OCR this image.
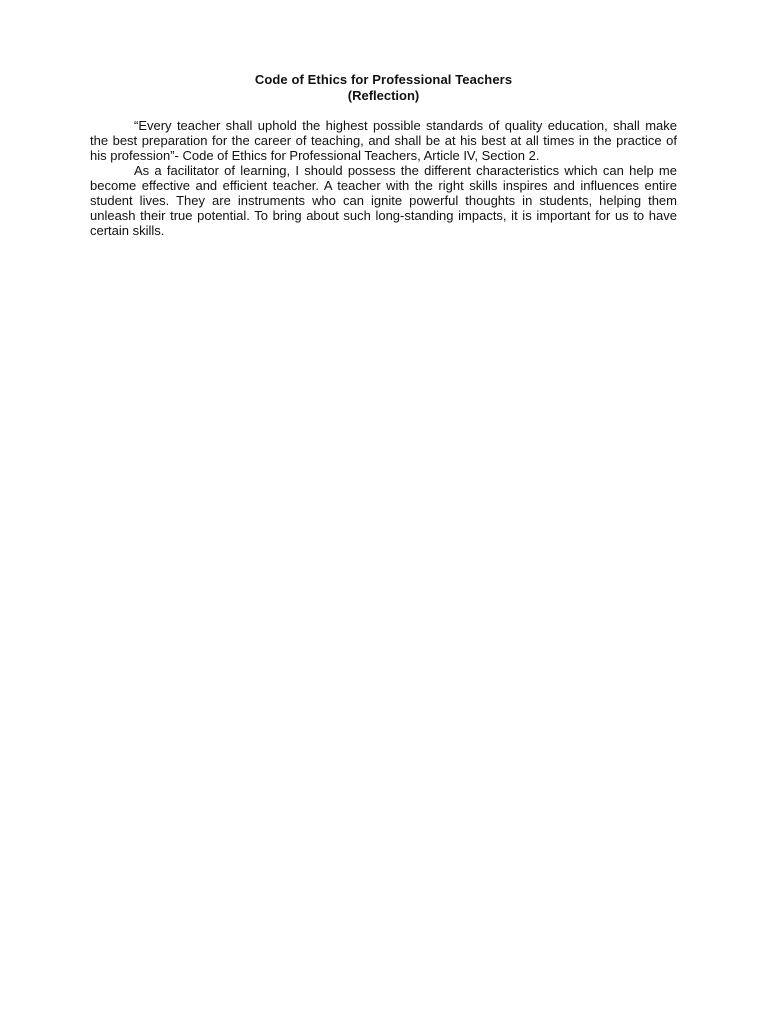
Code of Ethics for Professional Teachers
(Reflection)

“Every teacher shall uphold the highest possible standards of quality education, shall make the best preparation for the career of teaching, and shall be at his best at all times in the practice of his profession”- Code of Ethics for Professional Teachers, Article IV, Section 2.

As a facilitator of learning, I should possess the different characteristics which can help me become effective and efficient teacher. A teacher with the right skills inspires and influences entire student lives. They are instruments who can ignite powerful thoughts in students, helping them unleash their true potential. To bring about such long-standing impacts, it is important for us to have certain skills.
